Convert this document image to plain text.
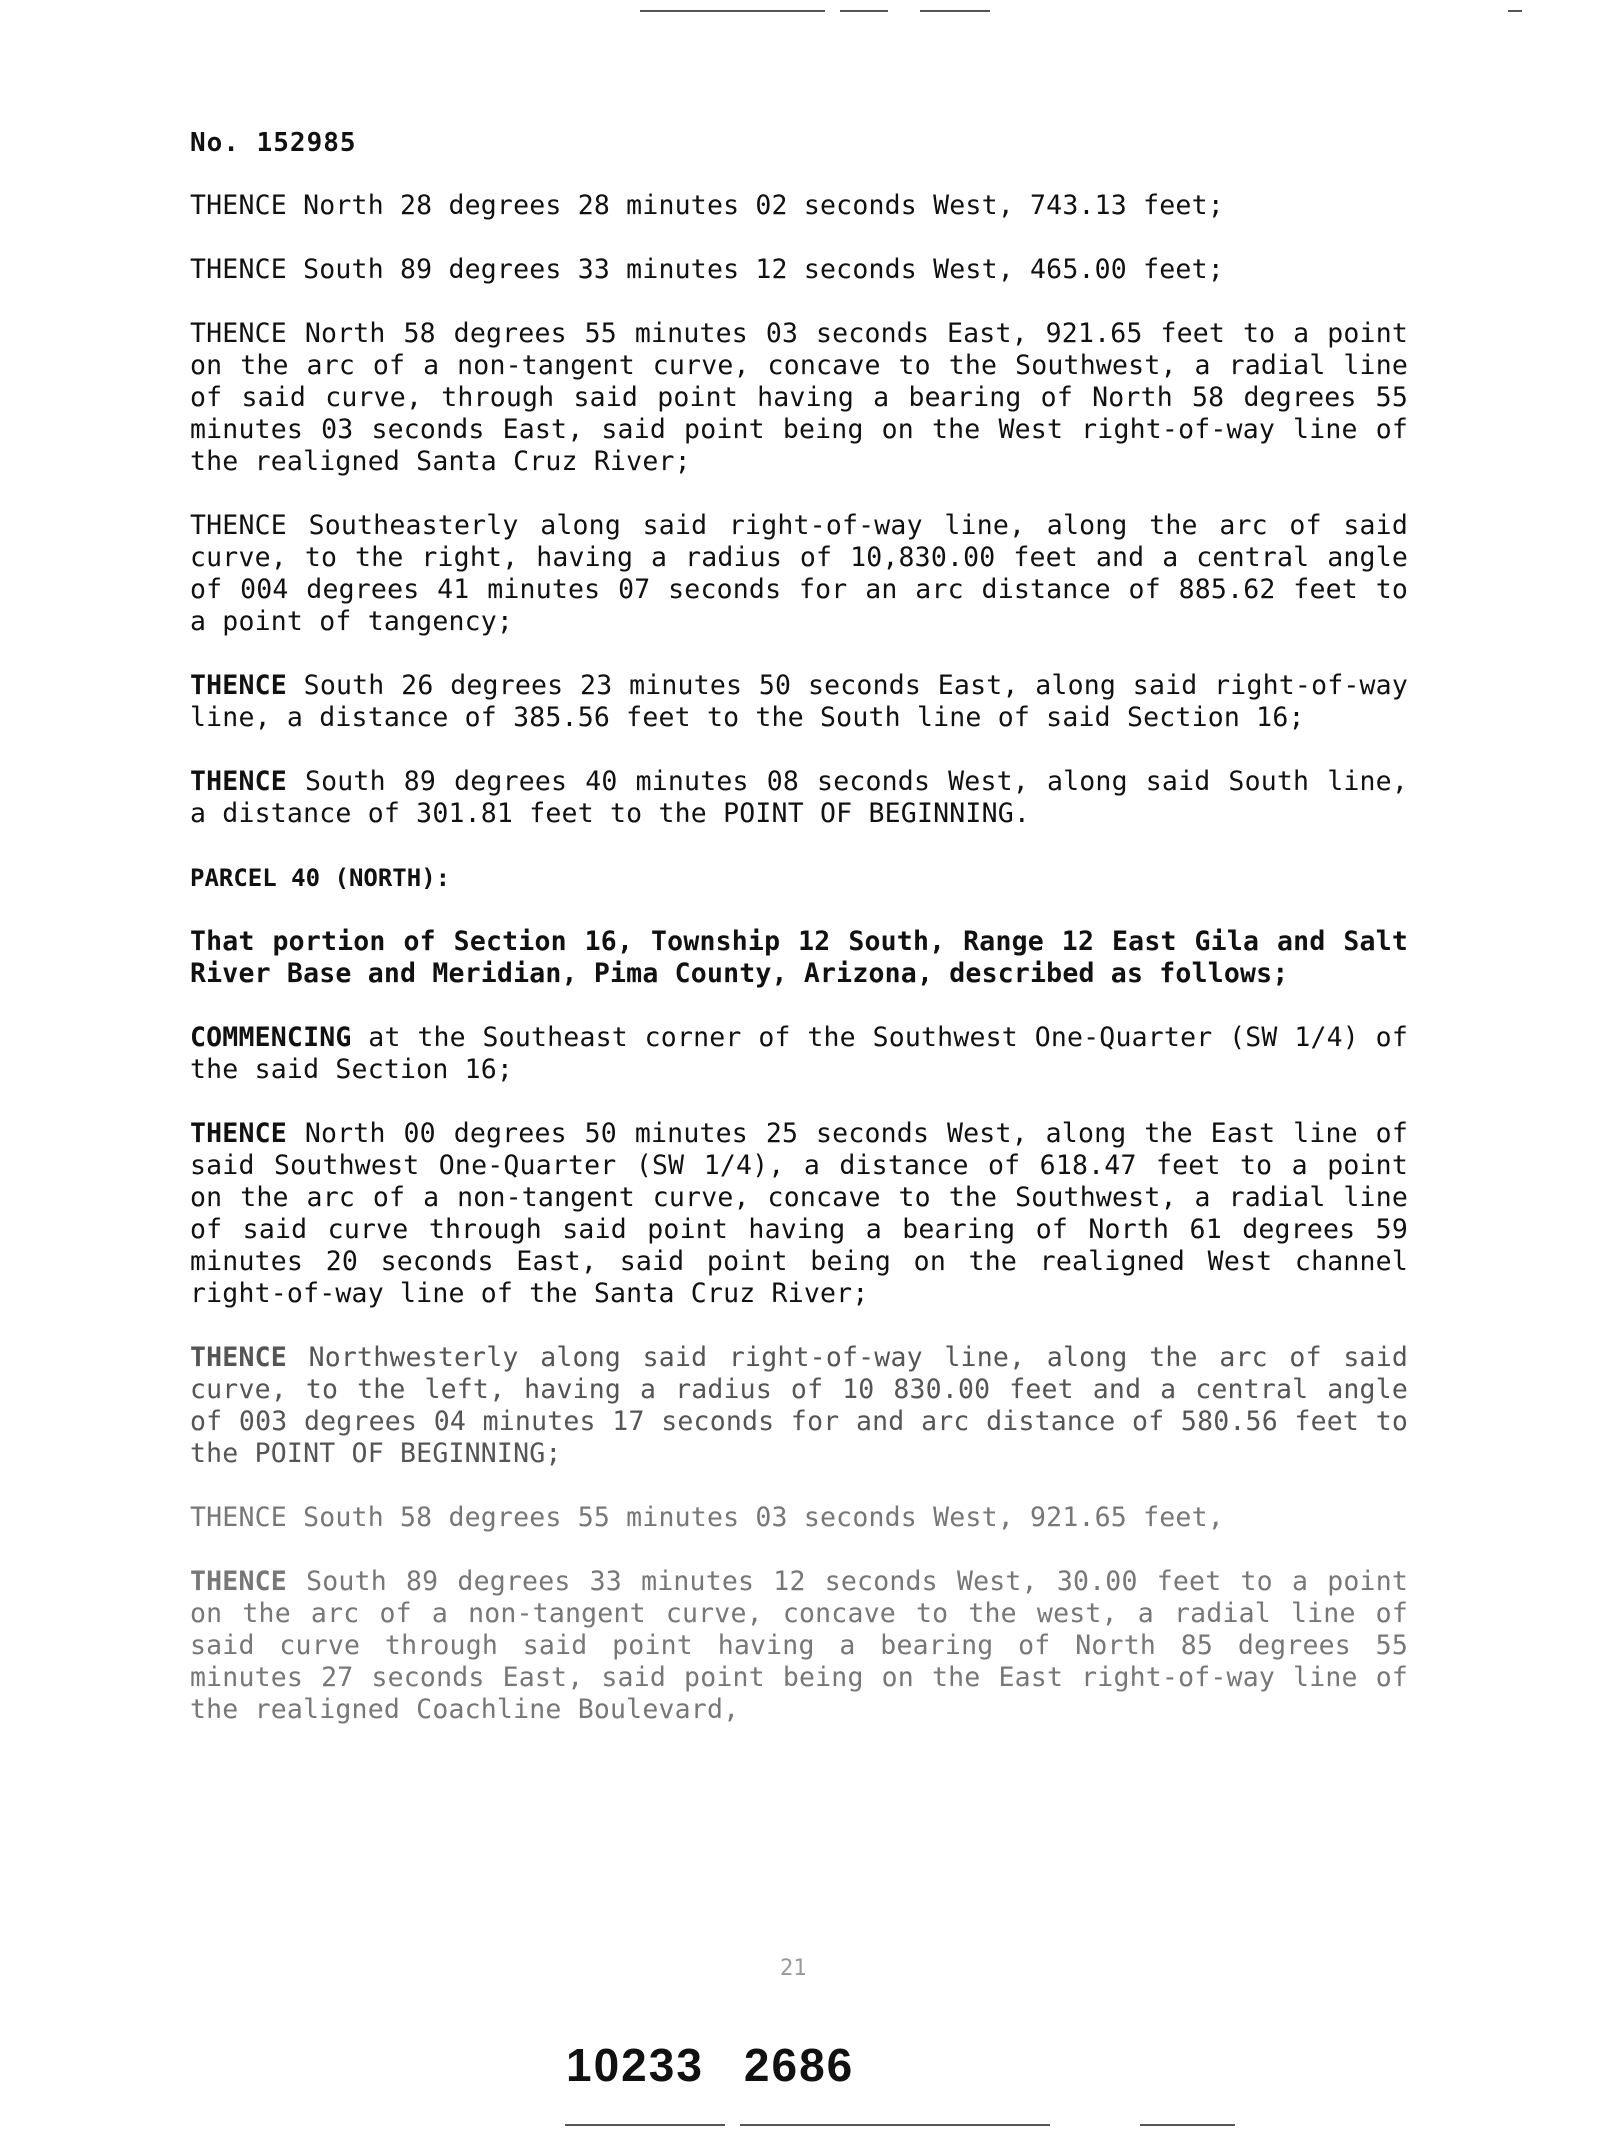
No. 152985

THENCE North 28 degrees 28 minutes 02 seconds West, 743.13 feet;

THENCE South 89 degrees 33 minutes 12 seconds West, 465.00 feet;

THENCE North 58 degrees 55 minutes 03 seconds East, 921.65 feet to a point on the arc of a non-tangent curve, concave to the Southwest, a radial line of said curve, through said point having a bearing of North 58 degrees 55 minutes 03 seconds East, said point being on the West right-of-way line of the realigned Santa Cruz River;

THENCE Southeasterly along said right-of-way line, along the arc of said curve, to the right, having a radius of 10,830.00 feet and a central angle of 004 degrees 41 minutes 07 seconds for an arc distance of 885.62 feet to a point of tangency;

THENCE South 26 degrees 23 minutes 50 seconds East, along said right-of-way line, a distance of 385.56 feet to the South line of said Section 16;

THENCE South 89 degrees 40 minutes 08 seconds West, along said South line, a distance of 301.81 feet to the POINT OF BEGINNING.

PARCEL 40 (NORTH):

That portion of Section 16, Township 12 South, Range 12 East Gila and Salt River Base and Meridian, Pima County, Arizona, described as follows;

COMMENCING at the Southeast corner of the Southwest One-Quarter (SW 1/4) of the said Section 16;

THENCE North 00 degrees 50 minutes 25 seconds West, along the East line of said Southwest One-Quarter (SW 1/4), a distance of 618.47 feet to a point on the arc of a non-tangent curve, concave to the Southwest, a radial line of said curve through said point having a bearing of North 61 degrees 59 minutes 20 seconds East, said point being on the realigned West channel right-of-way line of the Santa Cruz River;

THENCE Northwesterly along said right-of-way line, along the arc of said curve, to the left, having a radius of 10 830.00 feet and a central angle of 003 degrees 04 minutes 17 seconds for and arc distance of 580.56 feet to the POINT OF BEGINNING;

THENCE South 58 degrees 55 minutes 03 seconds West, 921.65 feet,

THENCE South 89 degrees 33 minutes 12 seconds West, 30.00 feet to a point on the arc of a non-tangent curve, concave to the west, a radial line of said curve through said point having a bearing of North 85 degrees 55 minutes 27 seconds East, said point being on the East right-of-way line of the realigned Coachline Boulevard,

21
10233 2686
